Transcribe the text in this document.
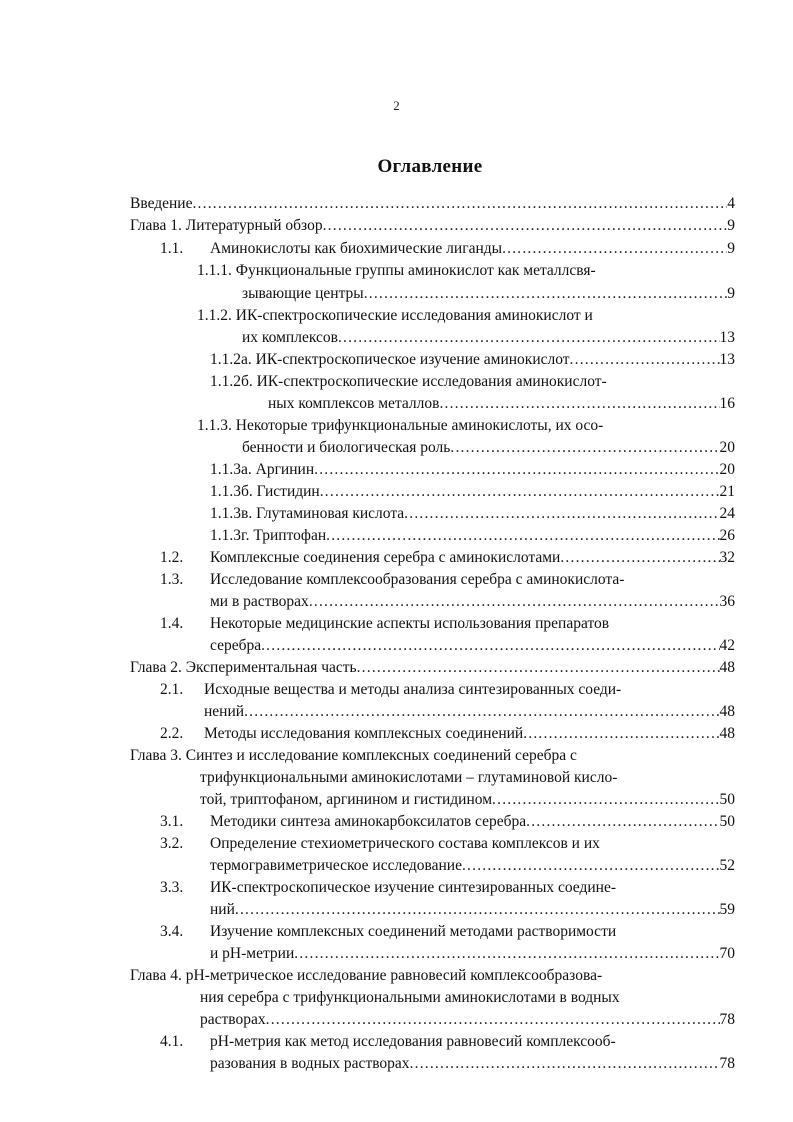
2
Оглавление
Введение .....	4
Глава 1. Литературный обзор .....	9
1.1. Аминокислоты как биохимические лиганды .....	9
1.1.1. Функциональные группы аминокислот как металлсвя-
зывающие центры .....	9
1.1.2. ИК-спектроскопические исследования аминокислот и
их комплексов .....	13
1.1.2а. ИК-спектроскопическое изучение аминокислот .....	13
1.1.2б. ИК-спектроскопические исследования аминокислот-
ных комплексов металлов .....	16
1.1.3. Некоторые трифункциональные аминокислоты, их осо-
бенности и биологическая роль .....	20
1.1.3а. Аргинин .....	20
1.1.3б. Гистидин .....	21
1.1.3в. Глутаминовая кислота .....	24
1.1.3г. Триптофан .....	26
1.2. Комплексные соединения серебра с аминокислотами .....	32
1.3. Исследование комплексообразования серебра с аминокислота-
ми в растворах .....	36
1.4. Некоторые медицинские аспекты использования препаратов
серебра .....	42
Глава 2. Экспериментальная часть .....	48
2.1. Исходные вещества и методы анализа синтезированных соеди-
нений .....	48
2.2. Методы исследования комплексных соединений .....	48
Глава 3. Синтез и исследование комплексных соединений серебра с
трифункциональными аминокислотами – глутаминовой кисло-
той, триптофаном, аргинином и гистидином .....	50
3.1. Методики синтеза аминокарбоксилатов серебра .....	50
3.2. Определение стехиометрического состава комплексов и их
термогравиметрическое исследование .....	52
3.3. ИК-спектроскопическое изучение синтезированных соедине-
ний .....	59
3.4. Изучение комплексных соединений методами растворимости
и рН-метрии .....	70
Глава 4. рН-метрическое исследование равновесий комплексообразова-
ния серебра с трифункциональными аминокислотами в водных
растворах .....	78
4.1. рН-метрия как метод исследования равновесий комплексооб-
разования в водных растворах .....	78
